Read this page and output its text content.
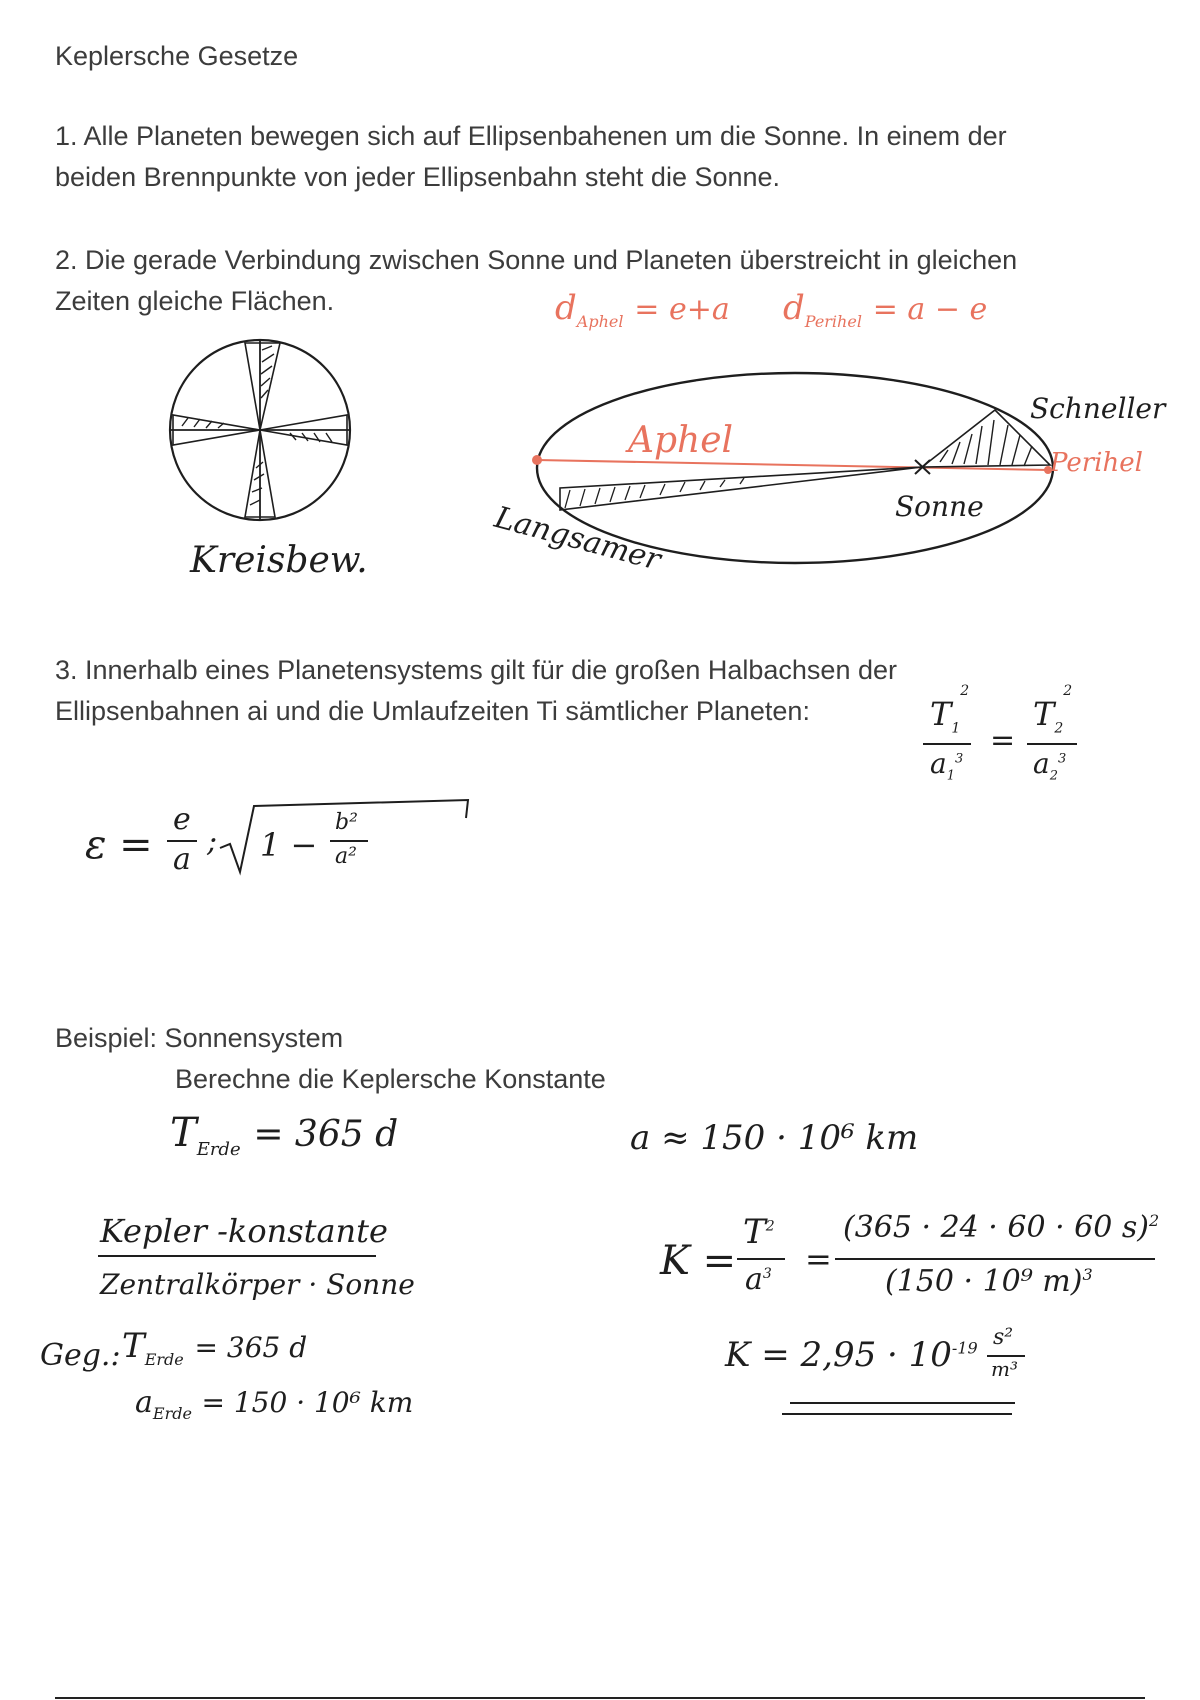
Keplersche Gesetze
1. Alle Planeten bewegen sich auf Ellipsenbahenen um die Sonne. In einem der
beiden Brennpunkte von jeder Ellipsenbahn steht die Sonne.
2. Die gerade Verbindung zwischen Sonne und Planeten überstreicht in gleichen
Zeiten gleiche Flächen.
3. Innerhalb eines Planetensystems gilt für die großen Halbachsen der
Ellipsenbahnen ai und die Umlaufzeiten Ti sämtlicher Planeten:
Beispiel: Sonnensystem
Berechne die Keplersche Konstante
$d_{Aphel} = e+a$ $d_{Perihel} = a - e$
Kreisbew.
Aphel
Perihel
Schneller
Langsamer	Sonne
$T_1^2$
$a_1^3$
=
$T_2^2$
$a_2^3$
ε =
e
a
; 1 −
b²
a²
$T_{Erde} = 365$ d	a ≈ 150 · 10⁶ km
Kepler -konstante
Zentralkörper · Sonne
Geg.: $T_{Erde} = 365$ d
$a_{Erde} = 150 \cdot 10^6$ km
K =
$T^2$
$a^3$ =
(365 · 24 · 60 · 60 s)$^2$
(150 · 10⁹ m)$^3$
$K = 2,95 \cdot 10^{-19}$ s²
m³
